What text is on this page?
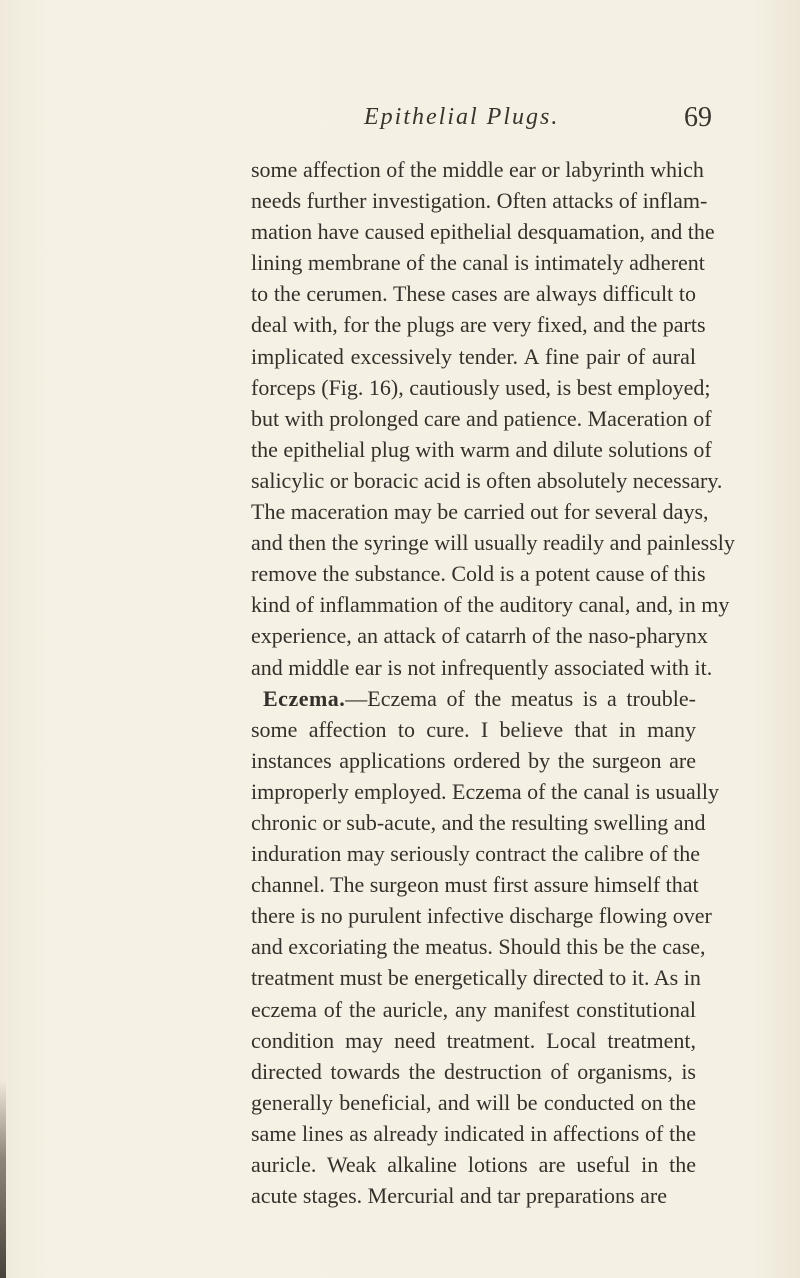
Epithelial Plugs.	69
some affection of the middle ear or labyrinth which
needs further investigation. Often attacks of inflam-
mation have caused epithelial desquamation, and the
lining membrane of the canal is intimately adherent
to the cerumen. These cases are always difficult to
deal with, for the plugs are very fixed, and the parts
implicated excessively tender. A fine pair of aural
forceps (Fig. 16), cautiously used, is best employed;
but with prolonged care and patience. Maceration of
the epithelial plug with warm and dilute solutions of
salicylic or boracic acid is often absolutely necessary.
The maceration may be carried out for several days,
and then the syringe will usually readily and painlessly
remove the substance. Cold is a potent cause of this
kind of inflammation of the auditory canal, and, in my
experience, an attack of catarrh of the naso-pharynx
and middle ear is not infrequently associated with it.
Eczema.—Eczema of the meatus is a trouble-
some affection to cure. I believe that in many
instances applications ordered by the surgeon are
improperly employed. Eczema of the canal is usually
chronic or sub-acute, and the resulting swelling and
induration may seriously contract the calibre of the
channel. The surgeon must first assure himself that
there is no purulent infective discharge flowing over
and excoriating the meatus. Should this be the case,
treatment must be energetically directed to it. As in
eczema of the auricle, any manifest constitutional
condition may need treatment. Local treatment,
directed towards the destruction of organisms, is
generally beneficial, and will be conducted on the
same lines as already indicated in affections of the
auricle. Weak alkaline lotions are useful in the
acute stages. Mercurial and tar preparations are
